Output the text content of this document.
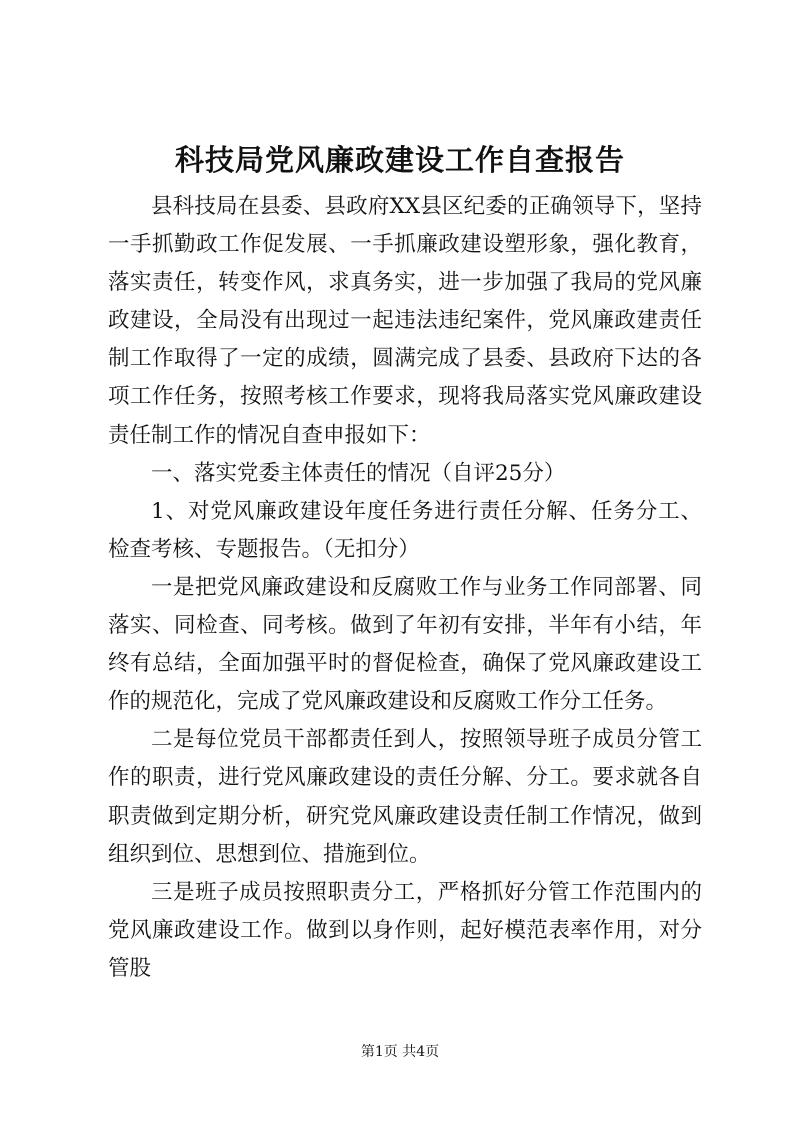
科技局党风廉政建设工作自查报告

县科技局在县委、县政府XX县区纪委的正确领导下，坚持一手抓勤政工作促发展、一手抓廉政建设塑形象，强化教育，落实责任，转变作风，求真务实，进一步加强了我局的党风廉政建设，全局没有出现过一起违法违纪案件，党风廉政建责任制工作取得了一定的成绩，圆满完成了县委、县政府下达的各项工作任务，按照考核工作要求，现将我局落实党风廉政建设责任制工作的情况自查申报如下：

一、落实党委主体责任的情况（自评25分）

1、对党风廉政建设年度任务进行责任分解、任务分工、检查考核、专题报告。（无扣分）

一是把党风廉政建设和反腐败工作与业务工作同部署、同落实、同检查、同考核。做到了年初有安排，半年有小结，年终有总结，全面加强平时的督促检查，确保了党风廉政建设工作的规范化，完成了党风廉政建设和反腐败工作分工任务。

二是每位党员干部都责任到人，按照领导班子成员分管工作的职责，进行党风廉政建设的责任分解、分工。要求就各自职责做到定期分析，研究党风廉政建设责任制工作情况，做到组织到位、思想到位、措施到位。

三是班子成员按照职责分工，严格抓好分管工作范围内的党风廉政建设工作。做到以身作则，起好模范表率作用，对分管股

第1页 共4页
